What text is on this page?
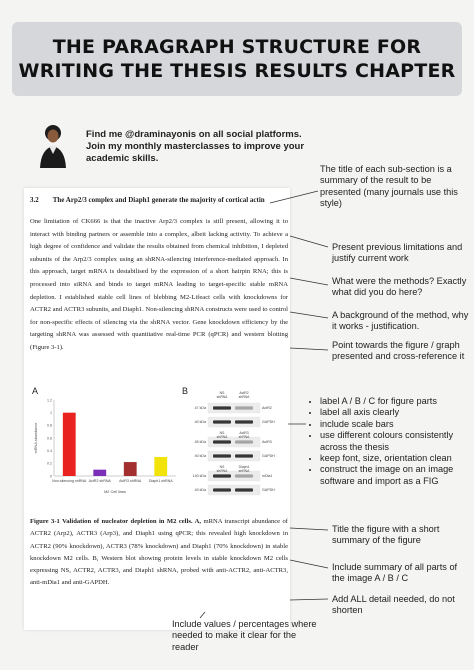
THE PARAGRAPH STRUCTURE FOR WRITING THE THESIS RESULTS CHAPTER
Find me @draminayonis on all social platforms. Join my monthly masterclasses to improve your academic skills.
3.2 The Arp2/3 complex and Diaph1 generate the majority of cortical actin
One limitation of CK666 is that the inactive Arp2/3 complex is still present, allowing it to interact with binding partners or assemble into a complex, albeit lacking activity. To achieve a high degree of confidence and validate the results obtained from chemical inhibition, I depleted subunits of the Arp2/3 complex using an shRNA-silencing interference-mediated approach. In this approach, target mRNA is destabilised by the expression of a short hairpin RNA; this is processed into siRNA and binds to target mRNA leading to target-specific stable mRNA depletion. I established stable cell lines of blebbing M2-Lifeact cells with knockdowns for ACTR2 and ACTR3 subunits, and Diaph1. Non-silencing shRNA constructs were used to control for non-specific effects of silencing via the shRNA vector. Gene knockdown efficiency by the targeting shRNA was assessed with quantitative real-time PCR (qPCR) and western blotting (Figure 3-1).
A
0
0.2
0.4
0.6
0.8
1
1.2
mRNA abundance
Non-silencing shRNA ActR2 shRNA ActR3 shRNA Diaph1 shRNA
M2 Cell lines
B
47 kDa	ActR2
40 kDa	GAPDH
45 kDa	ActR3
40 kDa	GAPDH
140 kDa	mDia1
40 kDa	GAPDH
NS
shRNA
ActR2
shRNA
NS
shRNA
ActR3
shRNA
NS
shRNA
Diaph1
shRNA
Figure 3-1 Validation of nucleator depletion in M2 cells. A, mRNA transcript abundance of ACTR2 (Arp2), ACTR3 (Arp3), and Diaph1 using qPCR; this revealed high knockdown in ACTR2 (90% knockdown), ACTR3 (78% knockdown) and Diaph1 (70% knockdown) in stable knockdown M2 cells. B, Western blot showing protein levels in stable knockdown M2 cells expressing NS, ACTR2, ACTR3, and Diaph1 shRNA, probed with anti-ACTR2, anti-ACTR3, anti-mDia1 and anti-GAPDH.
The title of each sub-section is a summary of the result to be presented (many journals use this style)
Present previous limitations and justify current work
What were the methods? Exactly what did you do here?
A background of the method, why it works - justification.
Point towards the figure / graph presented and cross-reference it
• label A / B / C for figure parts
• label all axis clearly
• include scale bars
• use different colours consistently across the thesis
• keep font, size, orientation clean
• construct the image on an image software and import as a FIG
Title the figure with a short summary of the figure
Include summary of all parts of the image A / B / C
Add ALL detail needed, do not shorten
Include values / percentages where needed to make it clear for the reader
